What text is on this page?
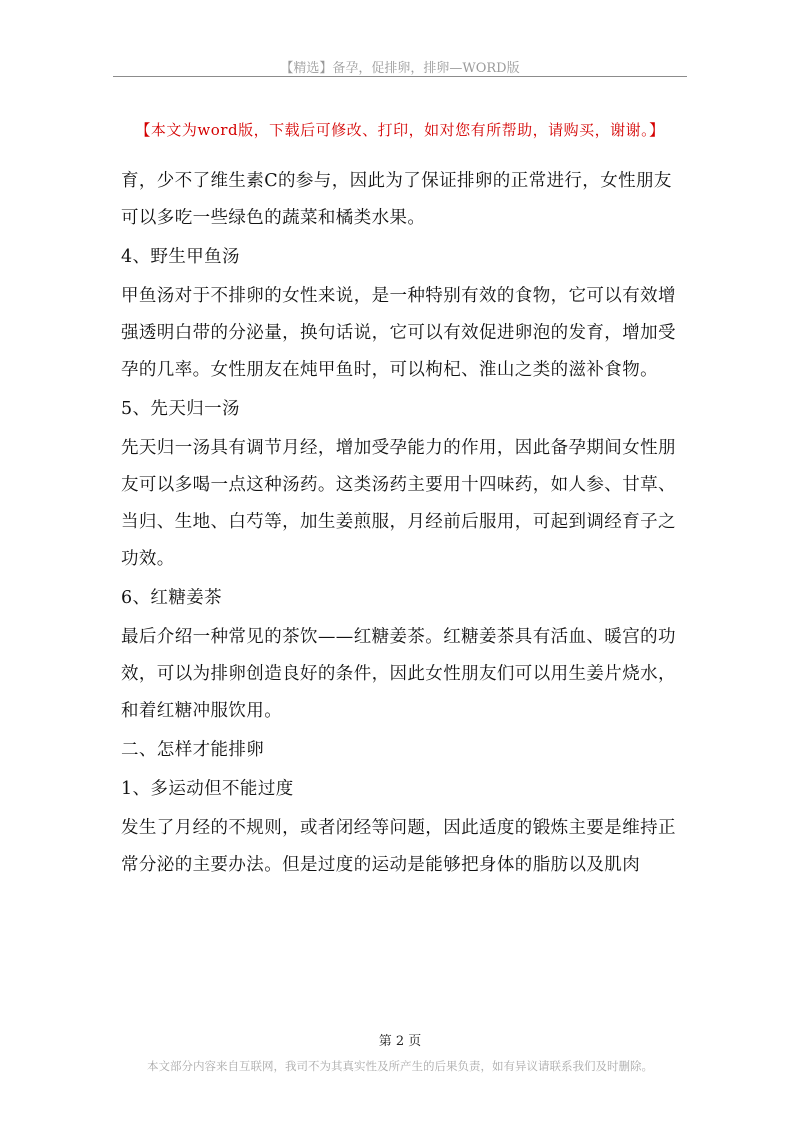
【精选】备孕，促排卵，排卵—WORD版
【本文为word版，下载后可修改、打印，如对您有所帮助，请购买，谢谢。】

育，少不了维生素C的参与，因此为了保证排卵的正常进行，女性朋友可以多吃一些绿色的蔬菜和橘类水果。

4、野生甲鱼汤

甲鱼汤对于不排卵的女性来说，是一种特别有效的食物，它可以有效增强透明白带的分泌量，换句话说，它可以有效促进卵泡的发育，增加受孕的几率。女性朋友在炖甲鱼时，可以枸杞、淮山之类的滋补食物。

5、先天归一汤

先天归一汤具有调节月经，增加受孕能力的作用，因此备孕期间女性朋友可以多喝一点这种汤药。这类汤药主要用十四味药，如人参、甘草、当归、生地、白芍等，加生姜煎服，月经前后服用，可起到调经育子之功效。

6、红糖姜茶

最后介绍一种常见的茶饮——红糖姜茶。红糖姜茶具有活血、暖宫的功效，可以为排卵创造良好的条件，因此女性朋友们可以用生姜片烧水，和着红糖冲服饮用。

二、怎样才能排卵

1、多运动但不能过度

发生了月经的不规则，或者闭经等问题，因此适度的锻炼主要是维持正常分泌的主要办法。但是过度的运动是能够把身体的脂肪以及肌肉

第 2 页
本文部分内容来自互联网，我司不为其真实性及所产生的后果负责，如有异议请联系我们及时删除。
